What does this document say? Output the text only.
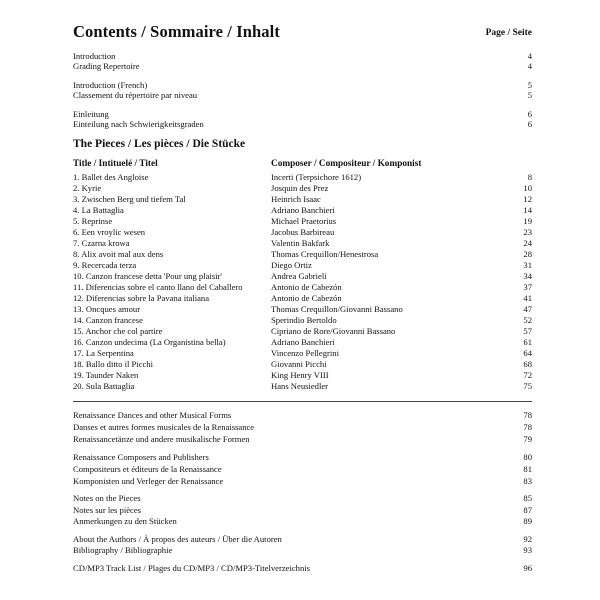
Contents / Sommaire / Inhalt	Page / Seite
Introduction	4
Grading Repertoire	4
Introduction (French)	5
Classement du répertoire par niveau	5
Einleitung	6
Einteilung nach Schwierigkeitsgraden	6
The Pieces / Les pièces / Die Stücke
Title / Intituelé / Titel	Composer / Compositeur / Komponist
1. Ballet des Angloise	Incerti (Terpsichore 1612)	8
2. Kyrie	Josquin des Prez	10
3. Zwischen Berg und tiefem Tal	Heinrich Isaac	12
4. La Battaglia	Adriano Banchieri	14
5. Reprinse	Michael Praetorius	19
6. Een vroylic wesen	Jacobus Barbireau	23
7. Czarna krowa	Valentin Bakfark	24
8. Alix avoit mal aux dens	Thomas Crequillon/Henestrosa	28
9. Recercada terza	Diego Ortiz	31
10. Canzon francese detta 'Pour ung plaisir'	Andrea Gabrieli	34
11. Diferencias sobre el canto llano del Caballero	Antonio de Cabezón	37
12. Diferencias sobre la Pavana italiana	Antonio de Cabezón	41
13. Oncques amour	Thomas Crequillon/Giovanni Bassano	47
14. Canzon francese	Sperindio Bertoldo	52
15. Anchor che col partire	Cipriano de Rore/Giovanni Bassano	57
16. Canzon undecima (La Organistina bella)	Adriano Banchieri	61
17. La Serpentina	Vincenzo Pellegrini	64
18. Ballo ditto il Picchi	Giovanni Picchi	68
19. Taunder Naken	King Henry VIII	72
20. Sula Battaglia	Hans Neusiedler	75
Renaissance Dances and other Musical Forms	78
Danses et autres formes musicales de la Renaissance	78
Renaissancetänze und andere musikalische Formen	79
Renaissance Composers and Publishers	80
Compositeurs et éditeurs de la Renaissance	81
Komponisten und Verleger der Renaissance	83
Notes on the Pieces	85
Notes sur les pièces	87
Anmerkungen zu den Stücken	89
About the Authors / À propos des auteurs / Über die Autoren	92
Bibliography / Bibliographie	93
CD/MP3 Track List / Plages du CD/MP3 / CD/MP3-Titelverzeichnis	96
